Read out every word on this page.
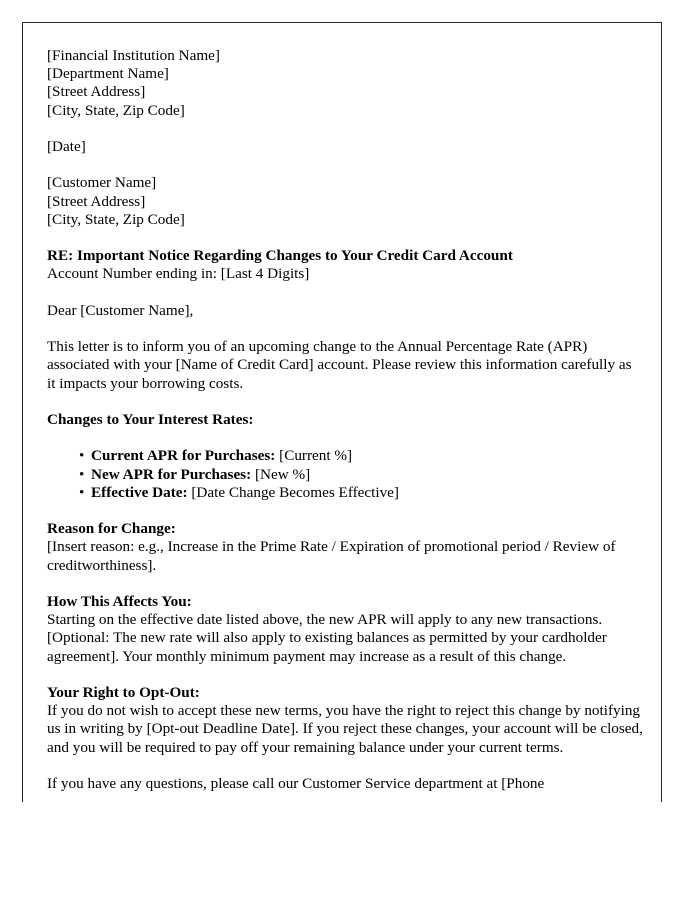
[Financial Institution Name]
[Department Name]
[Street Address]
[City, State, Zip Code]

[Date]

[Customer Name]
[Street Address]
[City, State, Zip Code]

RE: Important Notice Regarding Changes to Your Credit Card Account
Account Number ending in: [Last 4 Digits]

Dear [Customer Name],

This letter is to inform you of an upcoming change to the Annual Percentage Rate (APR) associated with your [Name of Credit Card] account. Please review this information carefully as it impacts your borrowing costs.

Changes to Your Interest Rates:

• Current APR for Purchases: [Current %]
• New APR for Purchases: [New %]
• Effective Date: [Date Change Becomes Effective]

Reason for Change:

[Insert reason: e.g., Increase in the Prime Rate / Expiration of promotional period / Review of creditworthiness].

How This Affects You:

Starting on the effective date listed above, the new APR will apply to any new transactions. [Optional: The new rate will also apply to existing balances as permitted by your cardholder agreement]. Your monthly minimum payment may increase as a result of this change.

Your Right to Opt-Out:

If you do not wish to accept these new terms, you have the right to reject this change by notifying us in writing by [Opt-out Deadline Date]. If you reject these changes, your account will be closed, and you will be required to pay off your remaining balance under your current terms.

If you have any questions, please call our Customer Service department at [Phone
